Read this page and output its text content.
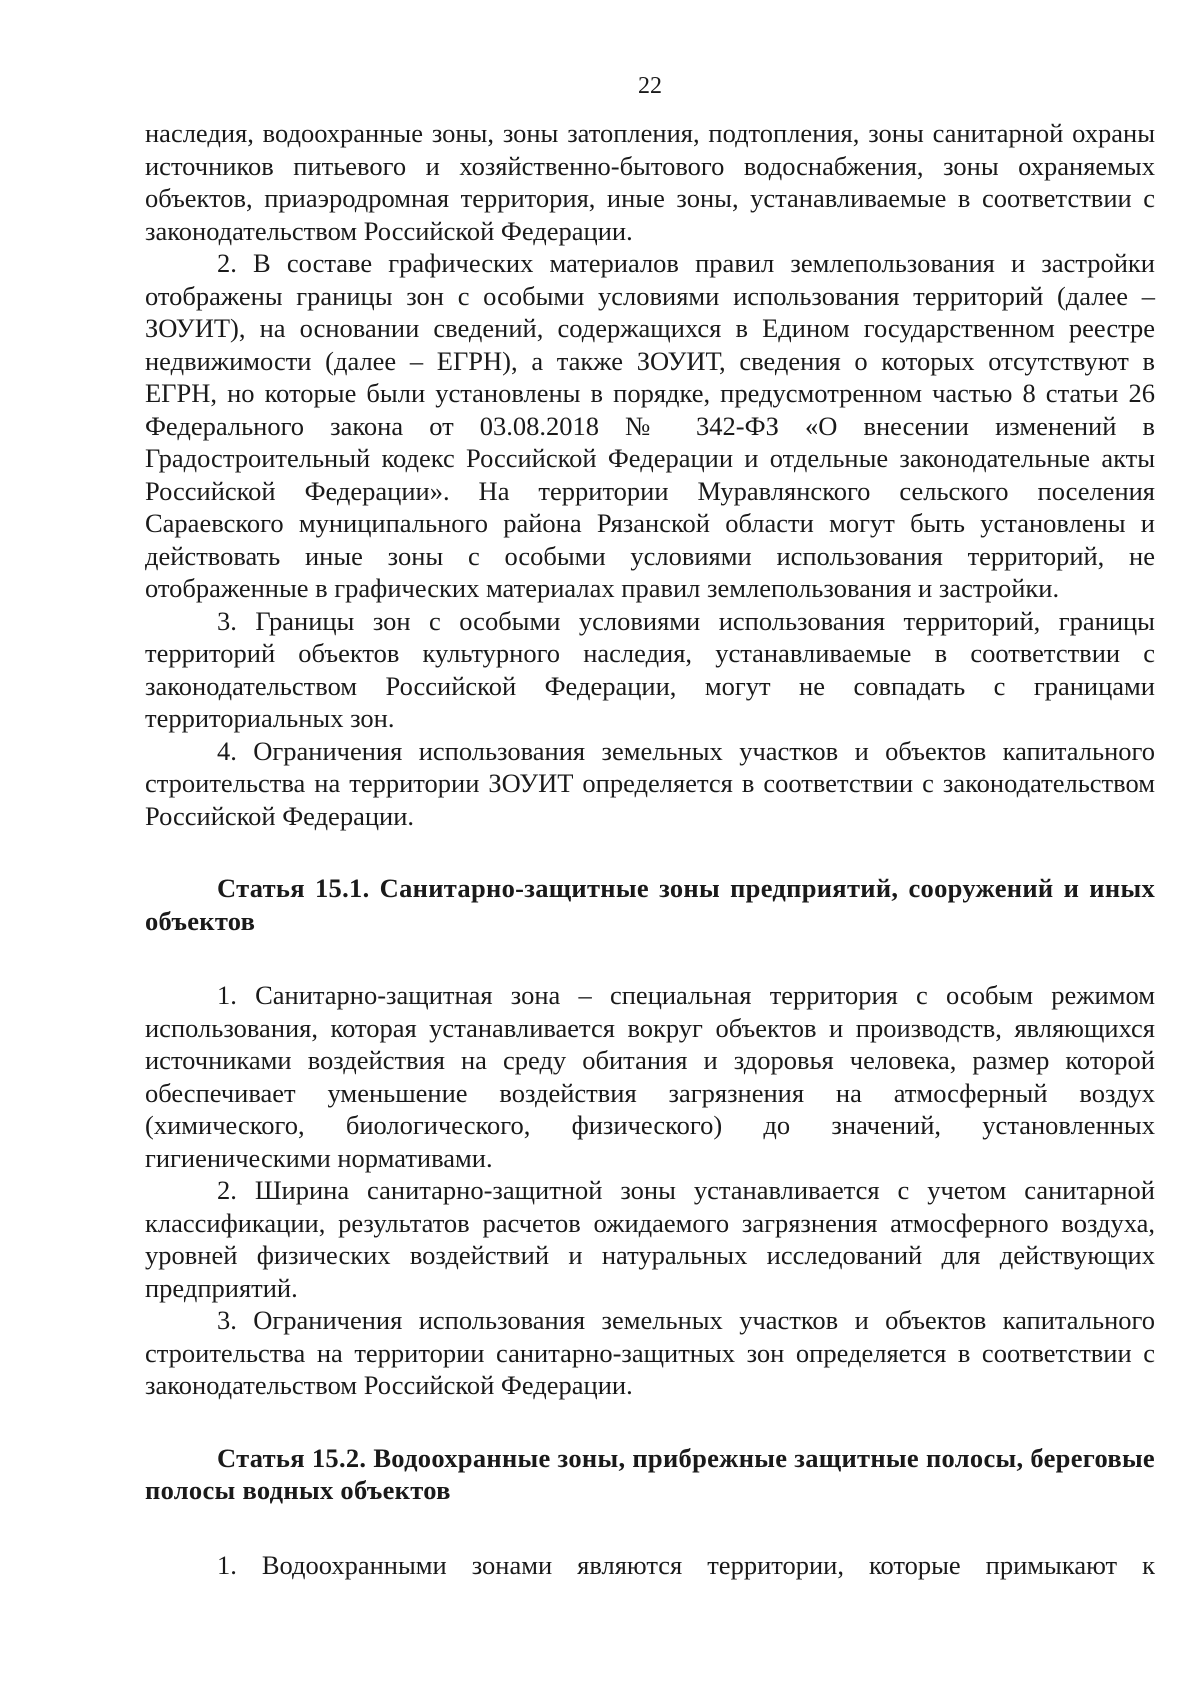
22

наследия, водоохранные зоны, зоны затопления, подтопления, зоны санитарной охраны источников питьевого и хозяйственно-бытового водоснабжения, зоны охраняемых объектов, приаэродромная территория, иные зоны, устанавливаемые в соответствии с законодательством Российской Федерации.

2. В составе графических материалов правил землепользования и застройки отображены границы зон с особыми условиями использования территорий (далее – ЗОУИТ), на основании сведений, содержащихся в Едином государственном реестре недвижимости (далее – ЕГРН), а также ЗОУИТ, сведения о которых отсутствуют в ЕГРН, но которые были установлены в порядке, предусмотренном частью 8 статьи 26 Федерального закона от 03.08.2018 № 342-ФЗ «О внесении изменений в Градостроительный кодекс Российской Федерации и отдельные законодательные акты Российской Федерации». На территории Муравлянского сельского поселения Сараевского муниципального района Рязанской области могут быть установлены и действовать иные зоны с особыми условиями использования территорий, не отображенные в графических материалах правил землепользования и застройки.

3. Границы зон с особыми условиями использования территорий, границы территорий объектов культурного наследия, устанавливаемые в соответствии с законодательством Российской Федерации, могут не совпадать с границами территориальных зон.

4. Ограничения использования земельных участков и объектов капитального строительства на территории ЗОУИТ определяется в соответствии с законодательством Российской Федерации.

Статья 15.1. Санитарно-защитные зоны предприятий, сооружений и иных объектов

1. Санитарно-защитная зона – специальная территория с особым режимом использования, которая устанавливается вокруг объектов и производств, являющихся источниками воздействия на среду обитания и здоровья человека, размер которой обеспечивает уменьшение воздействия загрязнения на атмосферный воздух (химического, биологического, физического) до значений, установленных гигиеническими нормативами.

2. Ширина санитарно-защитной зоны устанавливается с учетом санитарной классификации, результатов расчетов ожидаемого загрязнения атмосферного воздуха, уровней физических воздействий и натуральных исследований для действующих предприятий.

3. Ограничения использования земельных участков и объектов капитального строительства на территории санитарно-защитных зон определяется в соответствии с законодательством Российской Федерации.

Статья 15.2. Водоохранные зоны, прибрежные защитные полосы, береговые полосы водных объектов

1. Водоохранными зонами являются территории, которые примыкают к
